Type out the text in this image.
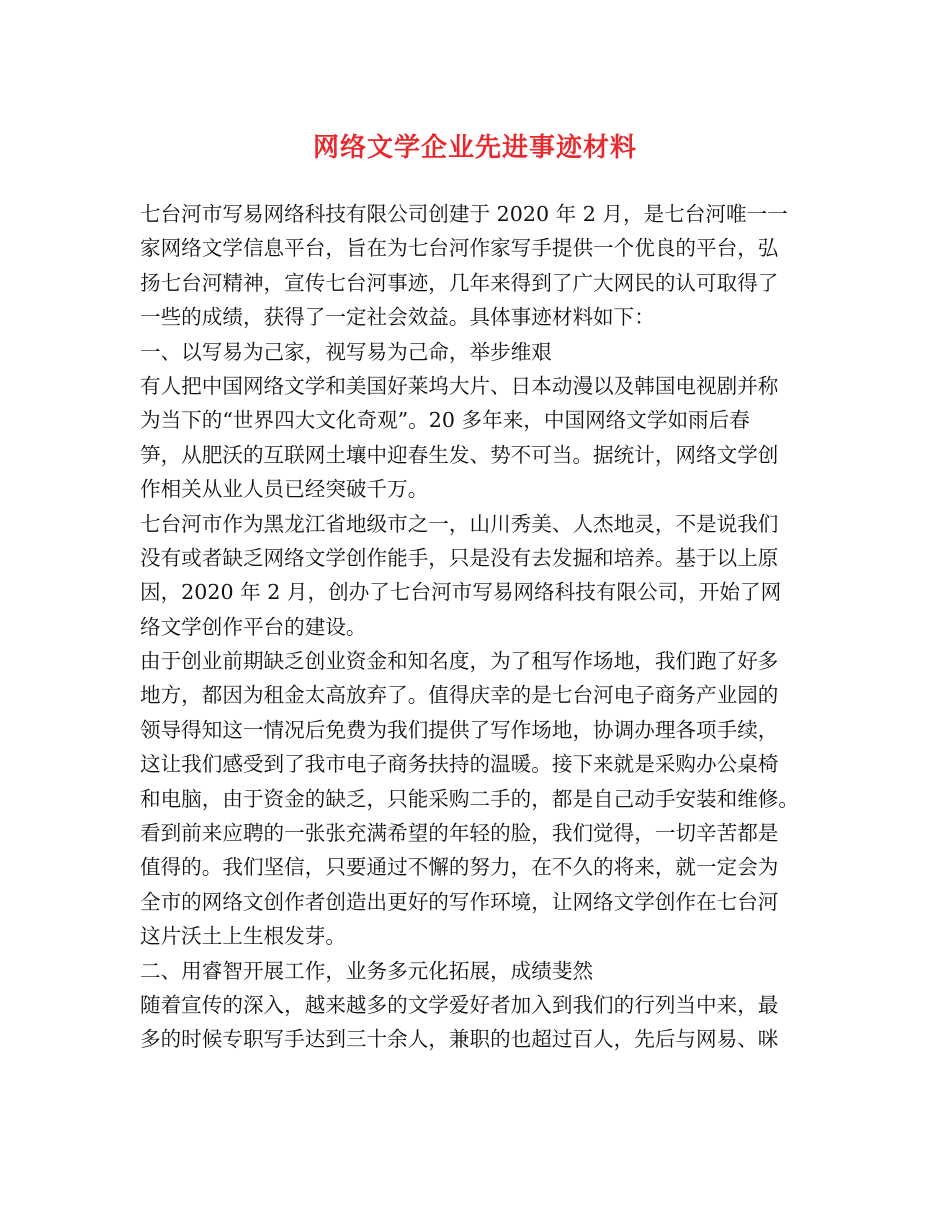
网络文学企业先进事迹材料
七台河市写易网络科技有限公司创建于 2020 年 2 月，是七台河唯一一
家网络文学信息平台，旨在为七台河作家写手提供一个优良的平台，弘
扬七台河精神，宣传七台河事迹，几年来得到了广大网民的认可取得了
一些的成绩，获得了一定社会效益。具体事迹材料如下：
一、以写易为己家，视写易为己命，举步维艰
有人把中国网络文学和美国好莱坞大片、日本动漫以及韩国电视剧并称
为当下的“世界四大文化奇观”。20 多年来，中国网络文学如雨后春
笋，从肥沃的互联网土壤中迎春生发、势不可当。据统计，网络文学创
作相关从业人员已经突破千万。
七台河市作为黑龙江省地级市之一，山川秀美、人杰地灵，不是说我们
没有或者缺乏网络文学创作能手，只是没有去发掘和培养。基于以上原
因，2020 年 2 月，创办了七台河市写易网络科技有限公司，开始了网
络文学创作平台的建设。
由于创业前期缺乏创业资金和知名度，为了租写作场地，我们跑了好多
地方，都因为租金太高放弃了。值得庆幸的是七台河电子商务产业园的
领导得知这一情况后免费为我们提供了写作场地，协调办理各项手续，
这让我们感受到了我市电子商务扶持的温暖。接下来就是采购办公桌椅
和电脑，由于资金的缺乏，只能采购二手的，都是自己动手安装和维修。
看到前来应聘的一张张充满希望的年轻的脸，我们觉得，一切辛苦都是
值得的。我们坚信，只要通过不懈的努力，在不久的将来，就一定会为
全市的网络文创作者创造出更好的写作环境，让网络文学创作在七台河
这片沃土上生根发芽。
二、用睿智开展工作，业务多元化拓展，成绩斐然
随着宣传的深入，越来越多的文学爱好者加入到我们的行列当中来，最
多的时候专职写手达到三十余人，兼职的也超过百人，先后与网易、咪
